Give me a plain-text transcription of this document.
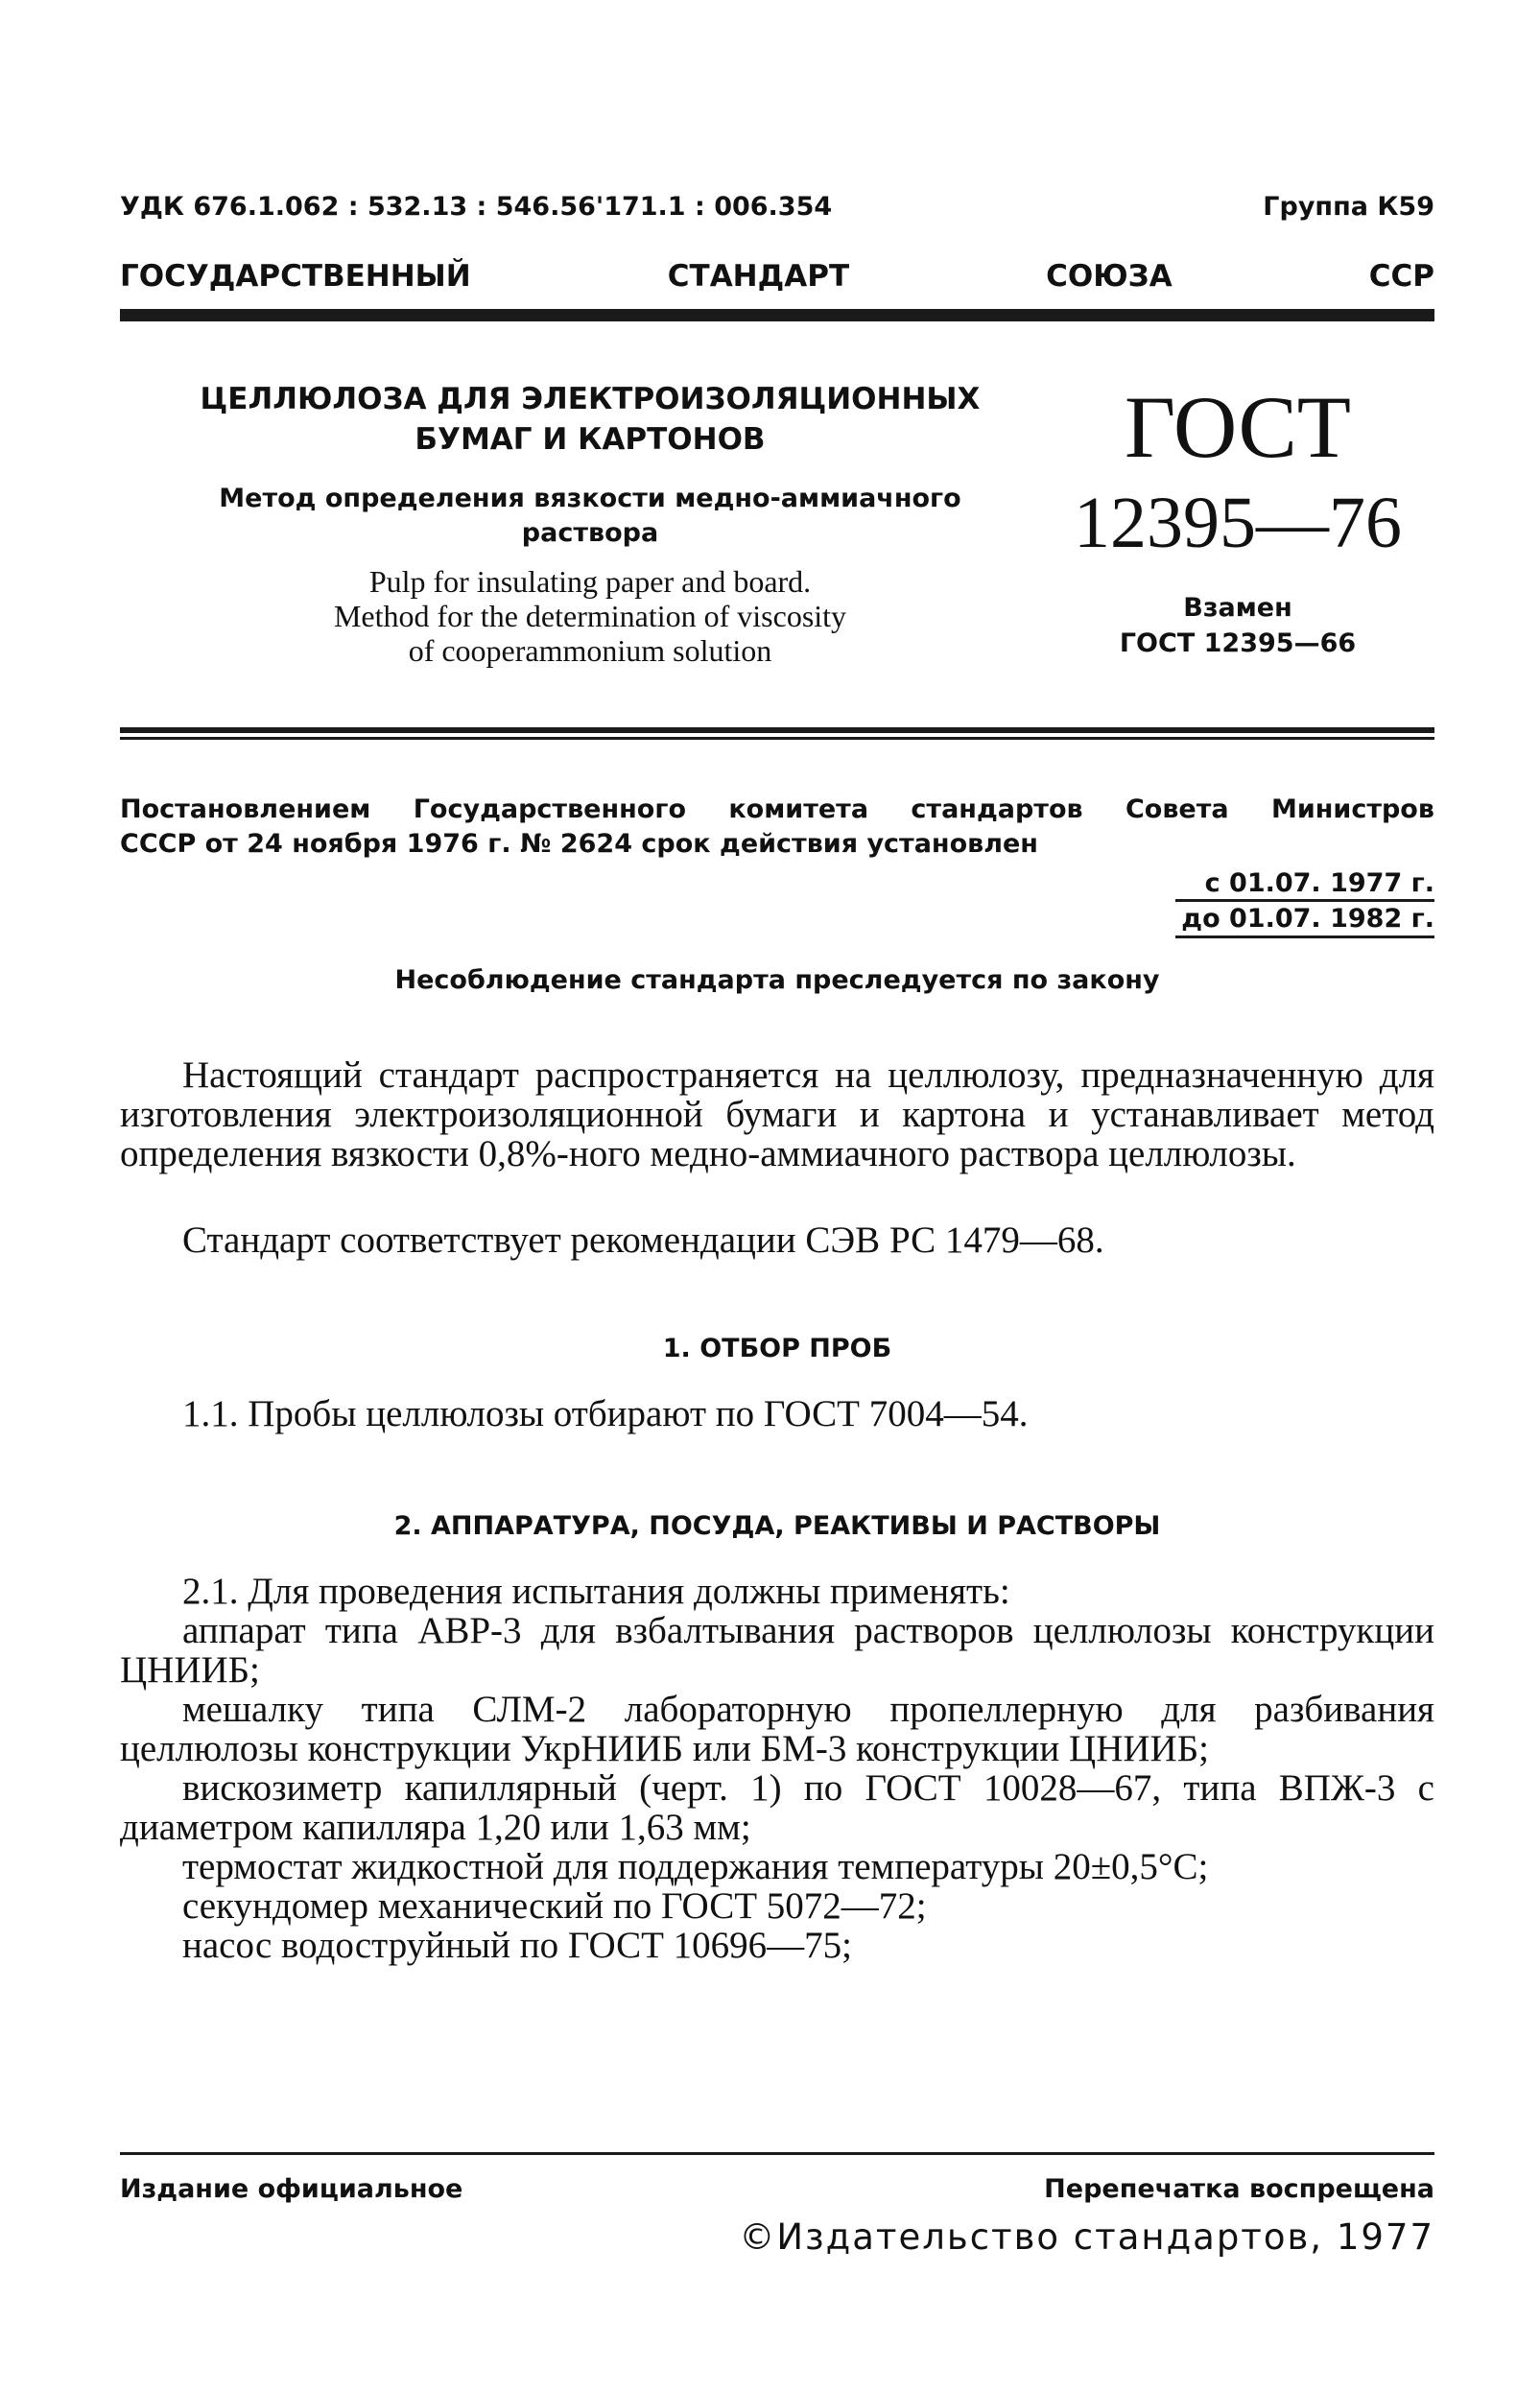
УДК 676.1.062 : 532.13 : 546.56'171.1 : 006.354	Группа К59
ГОСУДАРСТВЕННЫЙ	СТАНДАРТ	СОЮЗА	ССР
ЦЕЛЛЮЛОЗА ДЛЯ ЭЛЕКТРОИЗОЛЯЦИОННЫХ БУМАГ И КАРТОНОВ
Метод определения вязкости медно-аммиачного раствора
Pulp for insulating paper and board.
Method for the determination of viscosity
of cooperammonium solution
ГОСТ
12395—76
Взамен
ГОСТ 12395—66
Постановлением Государственного комитета стандартов Совета Министров
СССР от 24 ноября 1976 г. № 2624 срок действия установлен
с 01.07. 1977 г.
до 01.07. 1982 г.
Несоблюдение стандарта преследуется по закону
Настоящий стандарт распространяется на целлюлозу, предназначенную для изготовления электроизоляционной бумаги и картона и устанавливает метод определения вязкости 0,8%-ного медно-аммиачного раствора целлюлозы.
Стандарт соответствует рекомендации СЭВ РС 1479—68.
1. ОТБОР ПРОБ
1.1. Пробы целлюлозы отбирают по ГОСТ 7004—54.
2. АППАРАТУРА, ПОСУДА, РЕАКТИВЫ И РАСТВОРЫ

2.1. Для проведения испытания должны применять:

аппарат типа АВР-3 для взбалтывания растворов целлюлозы конструкции ЦНИИБ;

мешалку типа СЛМ-2 лабораторную пропеллерную для разбивания целлюлозы конструкции УкрНИИБ или БМ-3 конструкции ЦНИИБ;

вискозиметр капиллярный (черт. 1) по ГОСТ 10028—67, типа ВПЖ-3 с диаметром капилляра 1,20 или 1,63 мм;

термостат жидкостной для поддержания температуры 20±0,5°С;

секундомер механический по ГОСТ 5072—72;

насос водоструйный по ГОСТ 10696—75;

Издание официальное	Перепечатка воспрещена
©Издательство стандартов, 1977
